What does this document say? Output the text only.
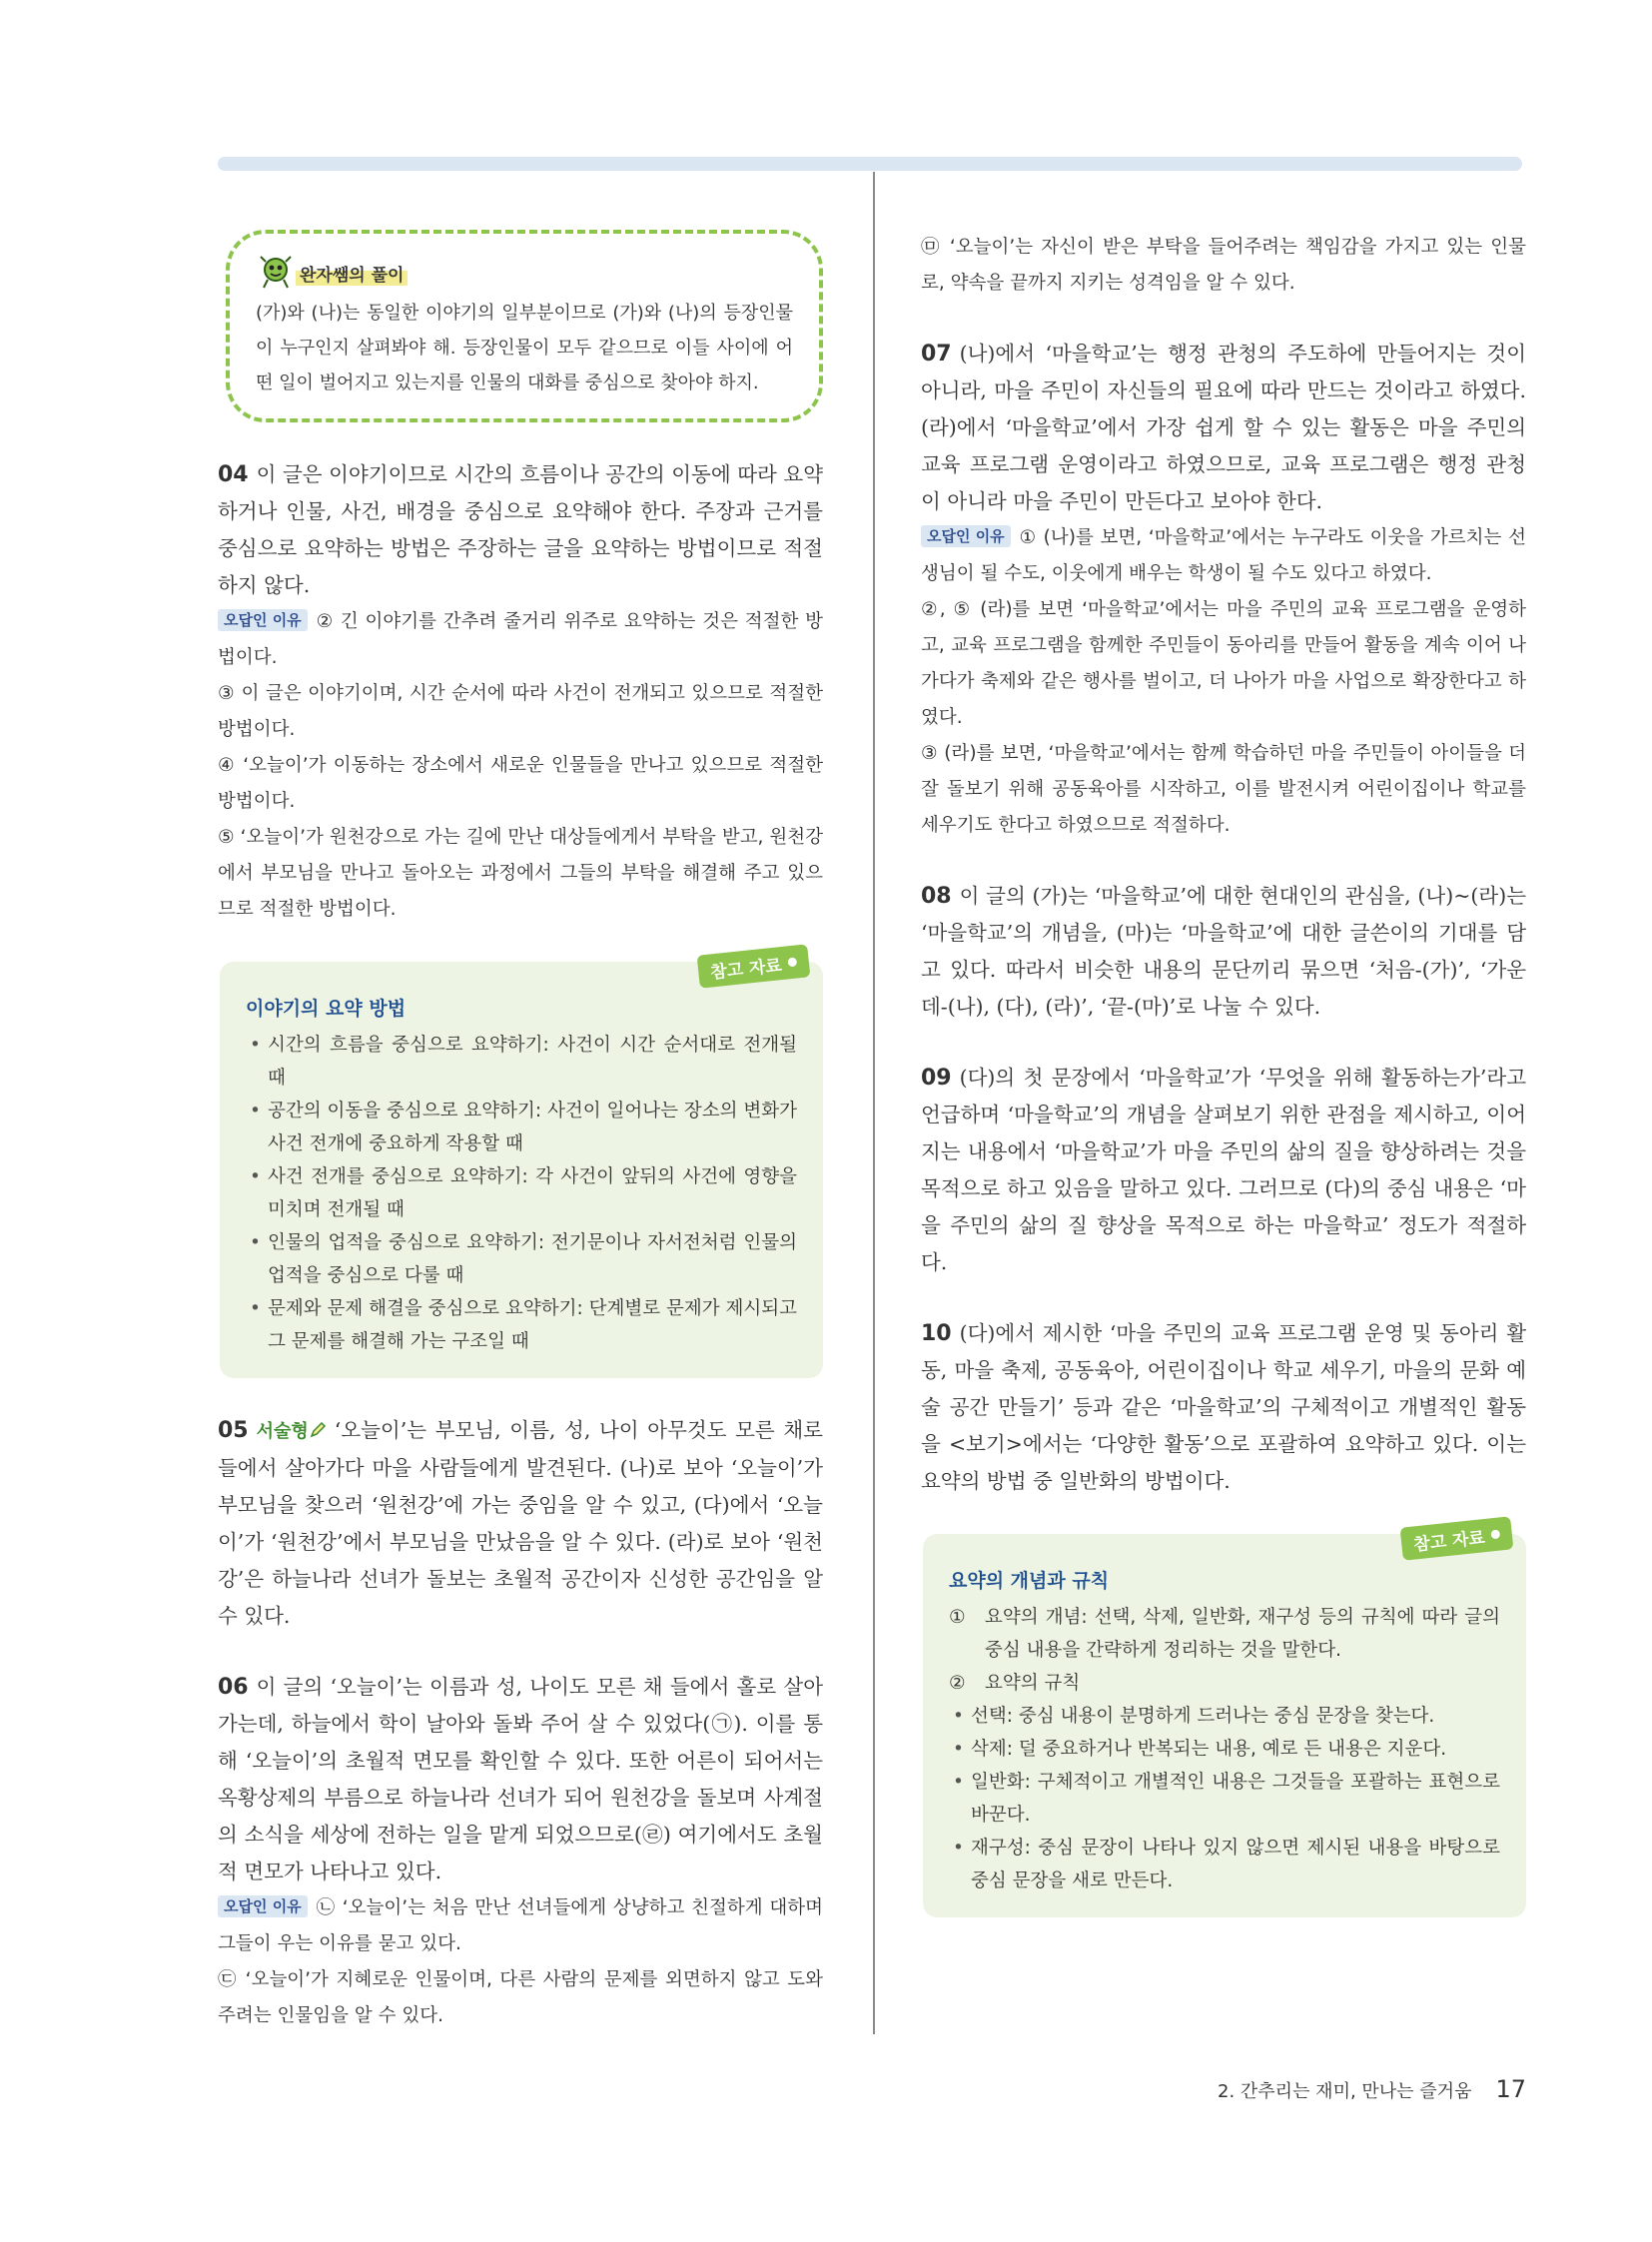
완자쌤의 풀이

(가)와 (나)는 동일한 이야기의 일부분이므로 (가)와 (나)의 등장인물이 누구인지 살펴봐야 해. 등장인물이 모두 같으므로 이들 사이에 어떤 일이 벌어지고 있는지를 인물의 대화를 중심으로 찾아야 하지.

04 이 글은 이야기이므로 시간의 흐름이나 공간의 이동에 따라 요약하거나 인물, 사건, 배경을 중심으로 요약해야 한다. 주장과 근거를 중심으로 요약하는 방법은 주장하는 글을 요약하는 방법이므로 적절하지 않다.

오답인 이유 ② 긴 이야기를 간추려 줄거리 위주로 요약하는 것은 적절한 방법이다.

③ 이 글은 이야기이며, 시간 순서에 따라 사건이 전개되고 있으므로 적절한 방법이다.

④ ‘오늘이’가 이동하는 장소에서 새로운 인물들을 만나고 있으므로 적절한 방법이다.

⑤ ‘오늘이’가 원천강으로 가는 길에 만난 대상들에게서 부탁을 받고, 원천강에서 부모님을 만나고 돌아오는 과정에서 그들의 부탁을 해결해 주고 있으므로 적절한 방법이다.

참고 자료
이야기의 요약 방법
• 시간의 흐름을 중심으로 요약하기: 사건이 시간 순서대로 전개될 때
• 공간의 이동을 중심으로 요약하기: 사건이 일어나는 장소의 변화가 사건 전개에 중요하게 작용할 때
• 사건 전개를 중심으로 요약하기: 각 사건이 앞뒤의 사건에 영향을 미치며 전개될 때
• 인물의 업적을 중심으로 요약하기: 전기문이나 자서전처럼 인물의 업적을 중심으로 다룰 때
• 문제와 문제 해결을 중심으로 요약하기: 단계별로 문제가 제시되고 그 문제를 해결해 가는 구조일 때

05 서술형 ‘오늘이’는 부모님, 이름, 성, 나이 아무것도 모른 채로 들에서 살아가다 마을 사람들에게 발견된다. (나)로 보아 ‘오늘이’가 부모님을 찾으러 ‘원천강’에 가는 중임을 알 수 있고, (다)에서 ‘오늘이’가 ‘원천강’에서 부모님을 만났음을 알 수 있다. (라)로 보아 ‘원천강’은 하늘나라 선녀가 돌보는 초월적 공간이자 신성한 공간임을 알 수 있다.

06 이 글의 ‘오늘이’는 이름과 성, 나이도 모른 채 들에서 홀로 살아가는데, 하늘에서 학이 날아와 돌봐 주어 살 수 있었다(㉠). 이를 통해 ‘오늘이’의 초월적 면모를 확인할 수 있다. 또한 어른이 되어서는 옥황상제의 부름으로 하늘나라 선녀가 되어 원천강을 돌보며 사계절의 소식을 세상에 전하는 일을 맡게 되었으므로(㉣) 여기에서도 초월적 면모가 나타나고 있다.

오답인 이유 ㉡ ‘오늘이’는 처음 만난 선녀들에게 상냥하고 친절하게 대하며 그들이 우는 이유를 묻고 있다.

㉢ ‘오늘이’가 지혜로운 인물이며, 다른 사람의 문제를 외면하지 않고 도와주려는 인물임을 알 수 있다.

㉤ ‘오늘이’는 자신이 받은 부탁을 들어주려는 책임감을 가지고 있는 인물로, 약속을 끝까지 지키는 성격임을 알 수 있다.

07 (나)에서 ‘마을학교’는 행정 관청의 주도하에 만들어지는 것이 아니라, 마을 주민이 자신들의 필요에 따라 만드는 것이라고 하였다. (라)에서 ‘마을학교’에서 가장 쉽게 할 수 있는 활동은 마을 주민의 교육 프로그램 운영이라고 하였으므로, 교육 프로그램은 행정 관청이 아니라 마을 주민이 만든다고 보아야 한다.

오답인 이유 ① (나)를 보면, ‘마을학교’에서는 누구라도 이웃을 가르치는 선생님이 될 수도, 이웃에게 배우는 학생이 될 수도 있다고 하였다.

②, ⑤ (라)를 보면 ‘마을학교’에서는 마을 주민의 교육 프로그램을 운영하고, 교육 프로그램을 함께한 주민들이 동아리를 만들어 활동을 계속 이어 나가다가 축제와 같은 행사를 벌이고, 더 나아가 마을 사업으로 확장한다고 하였다.

③ (라)를 보면, ‘마을학교’에서는 함께 학습하던 마을 주민들이 아이들을 더 잘 돌보기 위해 공동육아를 시작하고, 이를 발전시켜 어린이집이나 학교를 세우기도 한다고 하였으므로 적절하다.

08 이 글의 (가)는 ‘마을학교’에 대한 현대인의 관심을, (나)~(라)는 ‘마을학교’의 개념을, (마)는 ‘마을학교’에 대한 글쓴이의 기대를 담고 있다. 따라서 비슷한 내용의 문단끼리 묶으면 ‘처음-(가)’, ‘가운데-(나), (다), (라)’, ‘끝-(마)’로 나눌 수 있다.

09 (다)의 첫 문장에서 ‘마을학교’가 ‘무엇을 위해 활동하는가’라고 언급하며 ‘마을학교’의 개념을 살펴보기 위한 관점을 제시하고, 이어지는 내용에서 ‘마을학교’가 마을 주민의 삶의 질을 향상하려는 것을 목적으로 하고 있음을 말하고 있다. 그러므로 (다)의 중심 내용은 ‘마을 주민의 삶의 질 향상을 목적으로 하는 마을학교’ 정도가 적절하다.

10 (다)에서 제시한 ‘마을 주민의 교육 프로그램 운영 및 동아리 활동, 마을 축제, 공동육아, 어린이집이나 학교 세우기, 마을의 문화 예술 공간 만들기’ 등과 같은 ‘마을학교’의 구체적이고 개별적인 활동을 <보기>에서는 ‘다양한 활동’으로 포괄하여 요약하고 있다. 이는 요약의 방법 중 일반화의 방법이다.

참고 자료
요약의 개념과 규칙
① 요약의 개념: 선택, 삭제, 일반화, 재구성 등의 규칙에 따라 글의 중심 내용을 간략하게 정리하는 것을 말한다.
② 요약의 규칙
• 선택: 중심 내용이 분명하게 드러나는 중심 문장을 찾는다.
• 삭제: 덜 중요하거나 반복되는 내용, 예로 든 내용은 지운다.
• 일반화: 구체적이고 개별적인 내용은 그것들을 포괄하는 표현으로 바꾼다.
• 재구성: 중심 문장이 나타나 있지 않으면 제시된 내용을 바탕으로 중심 문장을 새로 만든다.
2. 간추리는 재미, 만나는 즐거움 17
